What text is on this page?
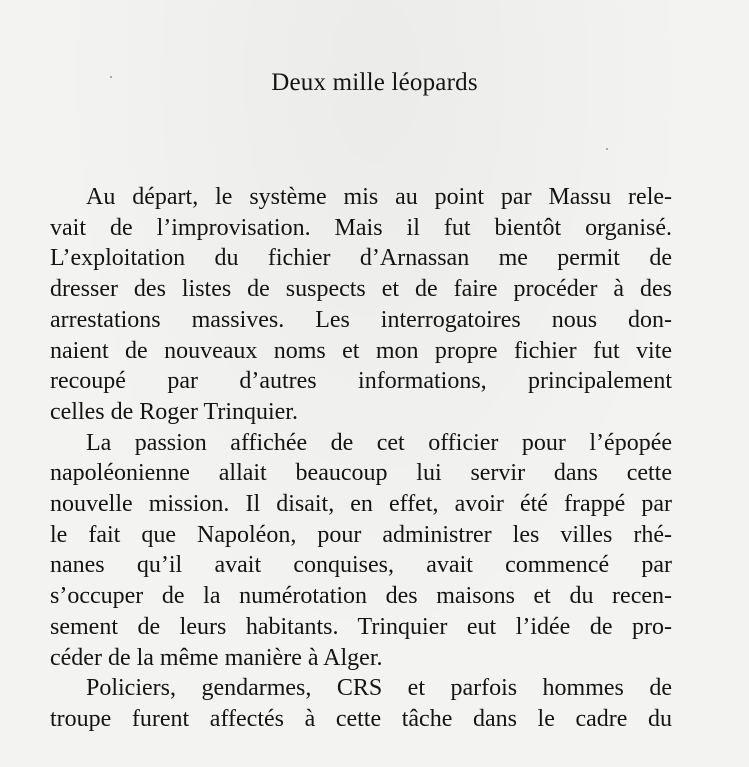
Deux mille léopards
Au départ, le système mis au point par Massu rele-
vait de l’improvisation. Mais il fut bientôt organisé.
L’exploitation du fichier d’Arnassan me permit de
dresser des listes de suspects et de faire procéder à des
arrestations massives. Les interrogatoires nous don-
naient de nouveaux noms et mon propre fichier fut vite
recoupé par d’autres informations, principalement
celles de Roger Trinquier.
La passion affichée de cet officier pour l’épopée
napoléonienne allait beaucoup lui servir dans cette
nouvelle mission. Il disait, en effet, avoir été frappé par
le fait que Napoléon, pour administrer les villes rhé-
nanes qu’il avait conquises, avait commencé par
s’occuper de la numérotation des maisons et du recen-
sement de leurs habitants. Trinquier eut l’idée de pro-
céder de la même manière à Alger.
Policiers, gendarmes, CRS et parfois hommes de
troupe furent affectés à cette tâche dans le cadre du
